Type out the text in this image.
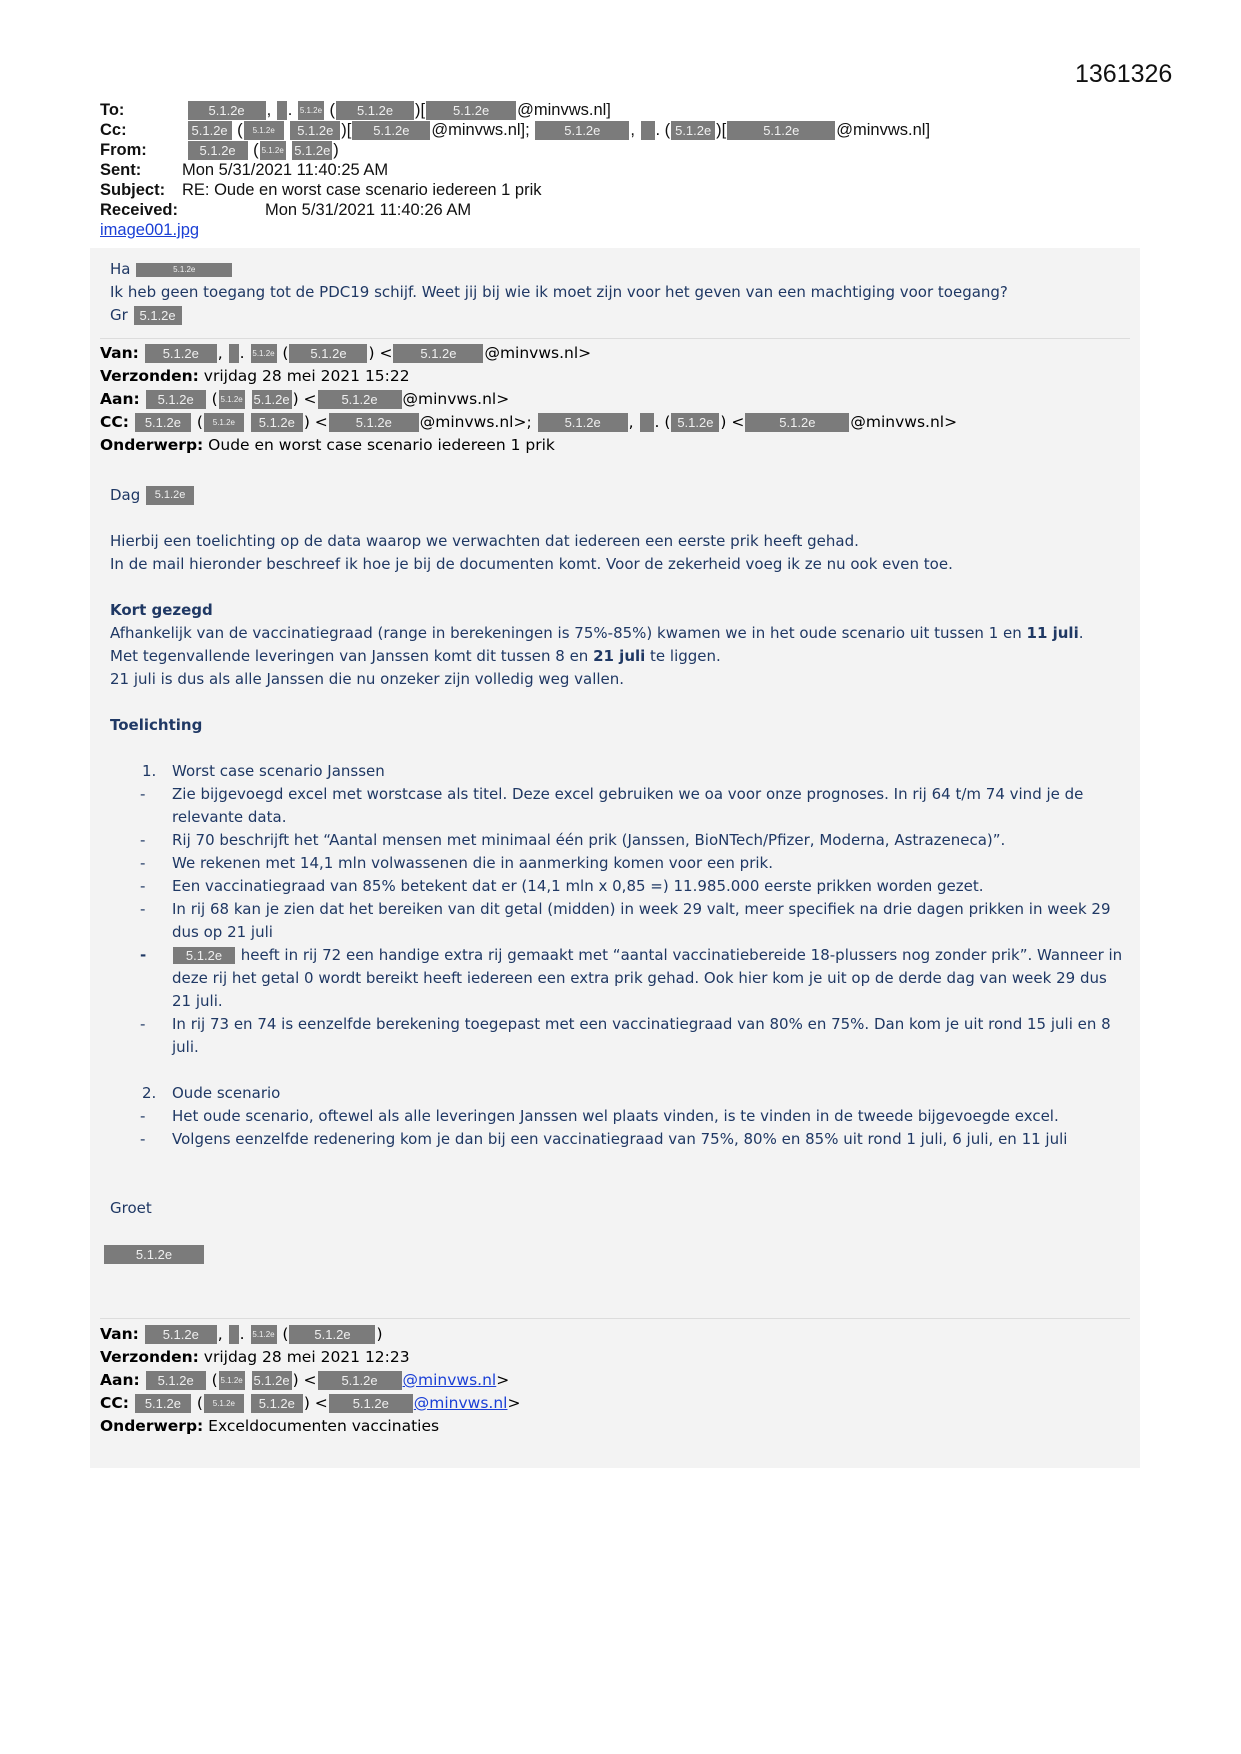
1361326
To:	5.1.2e , . 5.1.2e ( 5.1.2e )[ 5.1.2e @minvws.nl]
Cc:	5.1.2e ( 5.1.2e 5.1.2e )[ 5.1.2e @minvws.nl];	5.1.2e , . ( 5.1.2e )[	5.1.2e @minvws.nl]
From:	5.1.2e ( 5.1.2e 5.1.2e )
Sent: Mon 5/31/2021 11:40:25 AM
Subject: RE: Oude en worst case scenario iedereen 1 prik
Received:	Mon 5/31/2021 11:40:26 AM
image001.jpg
Ha	5.1.2e
Ik heb geen toegang tot de PDC19 schijf. Weet jij bij wie ik moet zijn voor het geven van een machtiging voor toegang?
Gr 5.1.2e
Van: 5.1.2e , . 5.1.2e ( 5.1.2e ) < 5.1.2e @minvws.nl>
Verzonden: vrijdag 28 mei 2021 15:22
Aan: 5.1.2e ( 5.1.2e 5.1.2e ) < 5.1.2e @minvws.nl>
CC: 5.1.2e ( 5.1.2e 5.1.2e ) < 5.1.2e @minvws.nl>;	5.1.2e , . ( 5.1.2e ) <	5.1.2e @minvws.nl>
Onderwerp: Oude en worst case scenario iedereen 1 prik
Dag 5.1.2e
Hierbij een toelichting op de data waarop we verwachten dat iedereen een eerste prik heeft gehad.
In de mail hieronder beschreef ik hoe je bij de documenten komt. Voor de zekerheid voeg ik ze nu ook even toe.
Kort gezegd
Afhankelijk van de vaccinatiegraad (range in berekeningen is 75%-85%) kwamen we in het oude scenario uit tussen 1 en 11 juli.
Met tegenvallende leveringen van Janssen komt dit tussen 8 en 21 juli te liggen.
21 juli is dus als alle Janssen die nu onzeker zijn volledig weg vallen.
Toelichting
1. Worst case scenario Janssen
- Zie bijgevoegd excel met worstcase als titel. Deze excel gebruiken we oa voor onze prognoses. In rij 64 t/m 74 vind je de relevante data.
- Rij 70 beschrijft het “Aantal mensen met minimaal één prik (Janssen, BioNTech/Pfizer, Moderna, Astrazeneca)”.
- We rekenen met 14,1 mln volwassenen die in aanmerking komen voor een prik.
- Een vaccinatiegraad van 85% betekent dat er (14,1 mln x 0,85 =) 11.985.000 eerste prikken worden gezet.
- In rij 68 kan je zien dat het bereiken van dit getal (midden) in week 29 valt, meer specifiek na drie dagen prikken in week 29 dus op 21 juli
-	5.1.2e heeft in rij 72 een handige extra rij gemaakt met “aantal vaccinatiebereide 18-plussers nog zonder prik”. Wanneer in deze rij het getal 0 wordt bereikt heeft iedereen een extra prik gehad. Ook hier kom je uit op de derde dag van week 29 dus 21 juli.
- In rij 73 en 74 is eenzelfde berekening toegepast met een vaccinatiegraad van 80% en 75%. Dan kom je uit rond 15 juli en 8 juli.
2. Oude scenario
- Het oude scenario, oftewel als alle leveringen Janssen wel plaats vinden, is te vinden in de tweede bijgevoegde excel.
- Volgens eenzelfde redenering kom je dan bij een vaccinatiegraad van 75%, 80% en 85% uit rond 1 juli, 6 juli, en 11 juli
Groet
5.1.2e
Van: 5.1.2e , . 5.1.2e ( 5.1.2e )
Verzonden: vrijdag 28 mei 2021 12:23
Aan: 5.1.2e ( 5.1.2e 5.1.2e ) < 5.1.2e @minvws.nl>
CC: 5.1.2e ( 5.1.2e 5.1.2e ) < 5.1.2e @minvws.nl>
Onderwerp: Exceldocumenten vaccinaties
